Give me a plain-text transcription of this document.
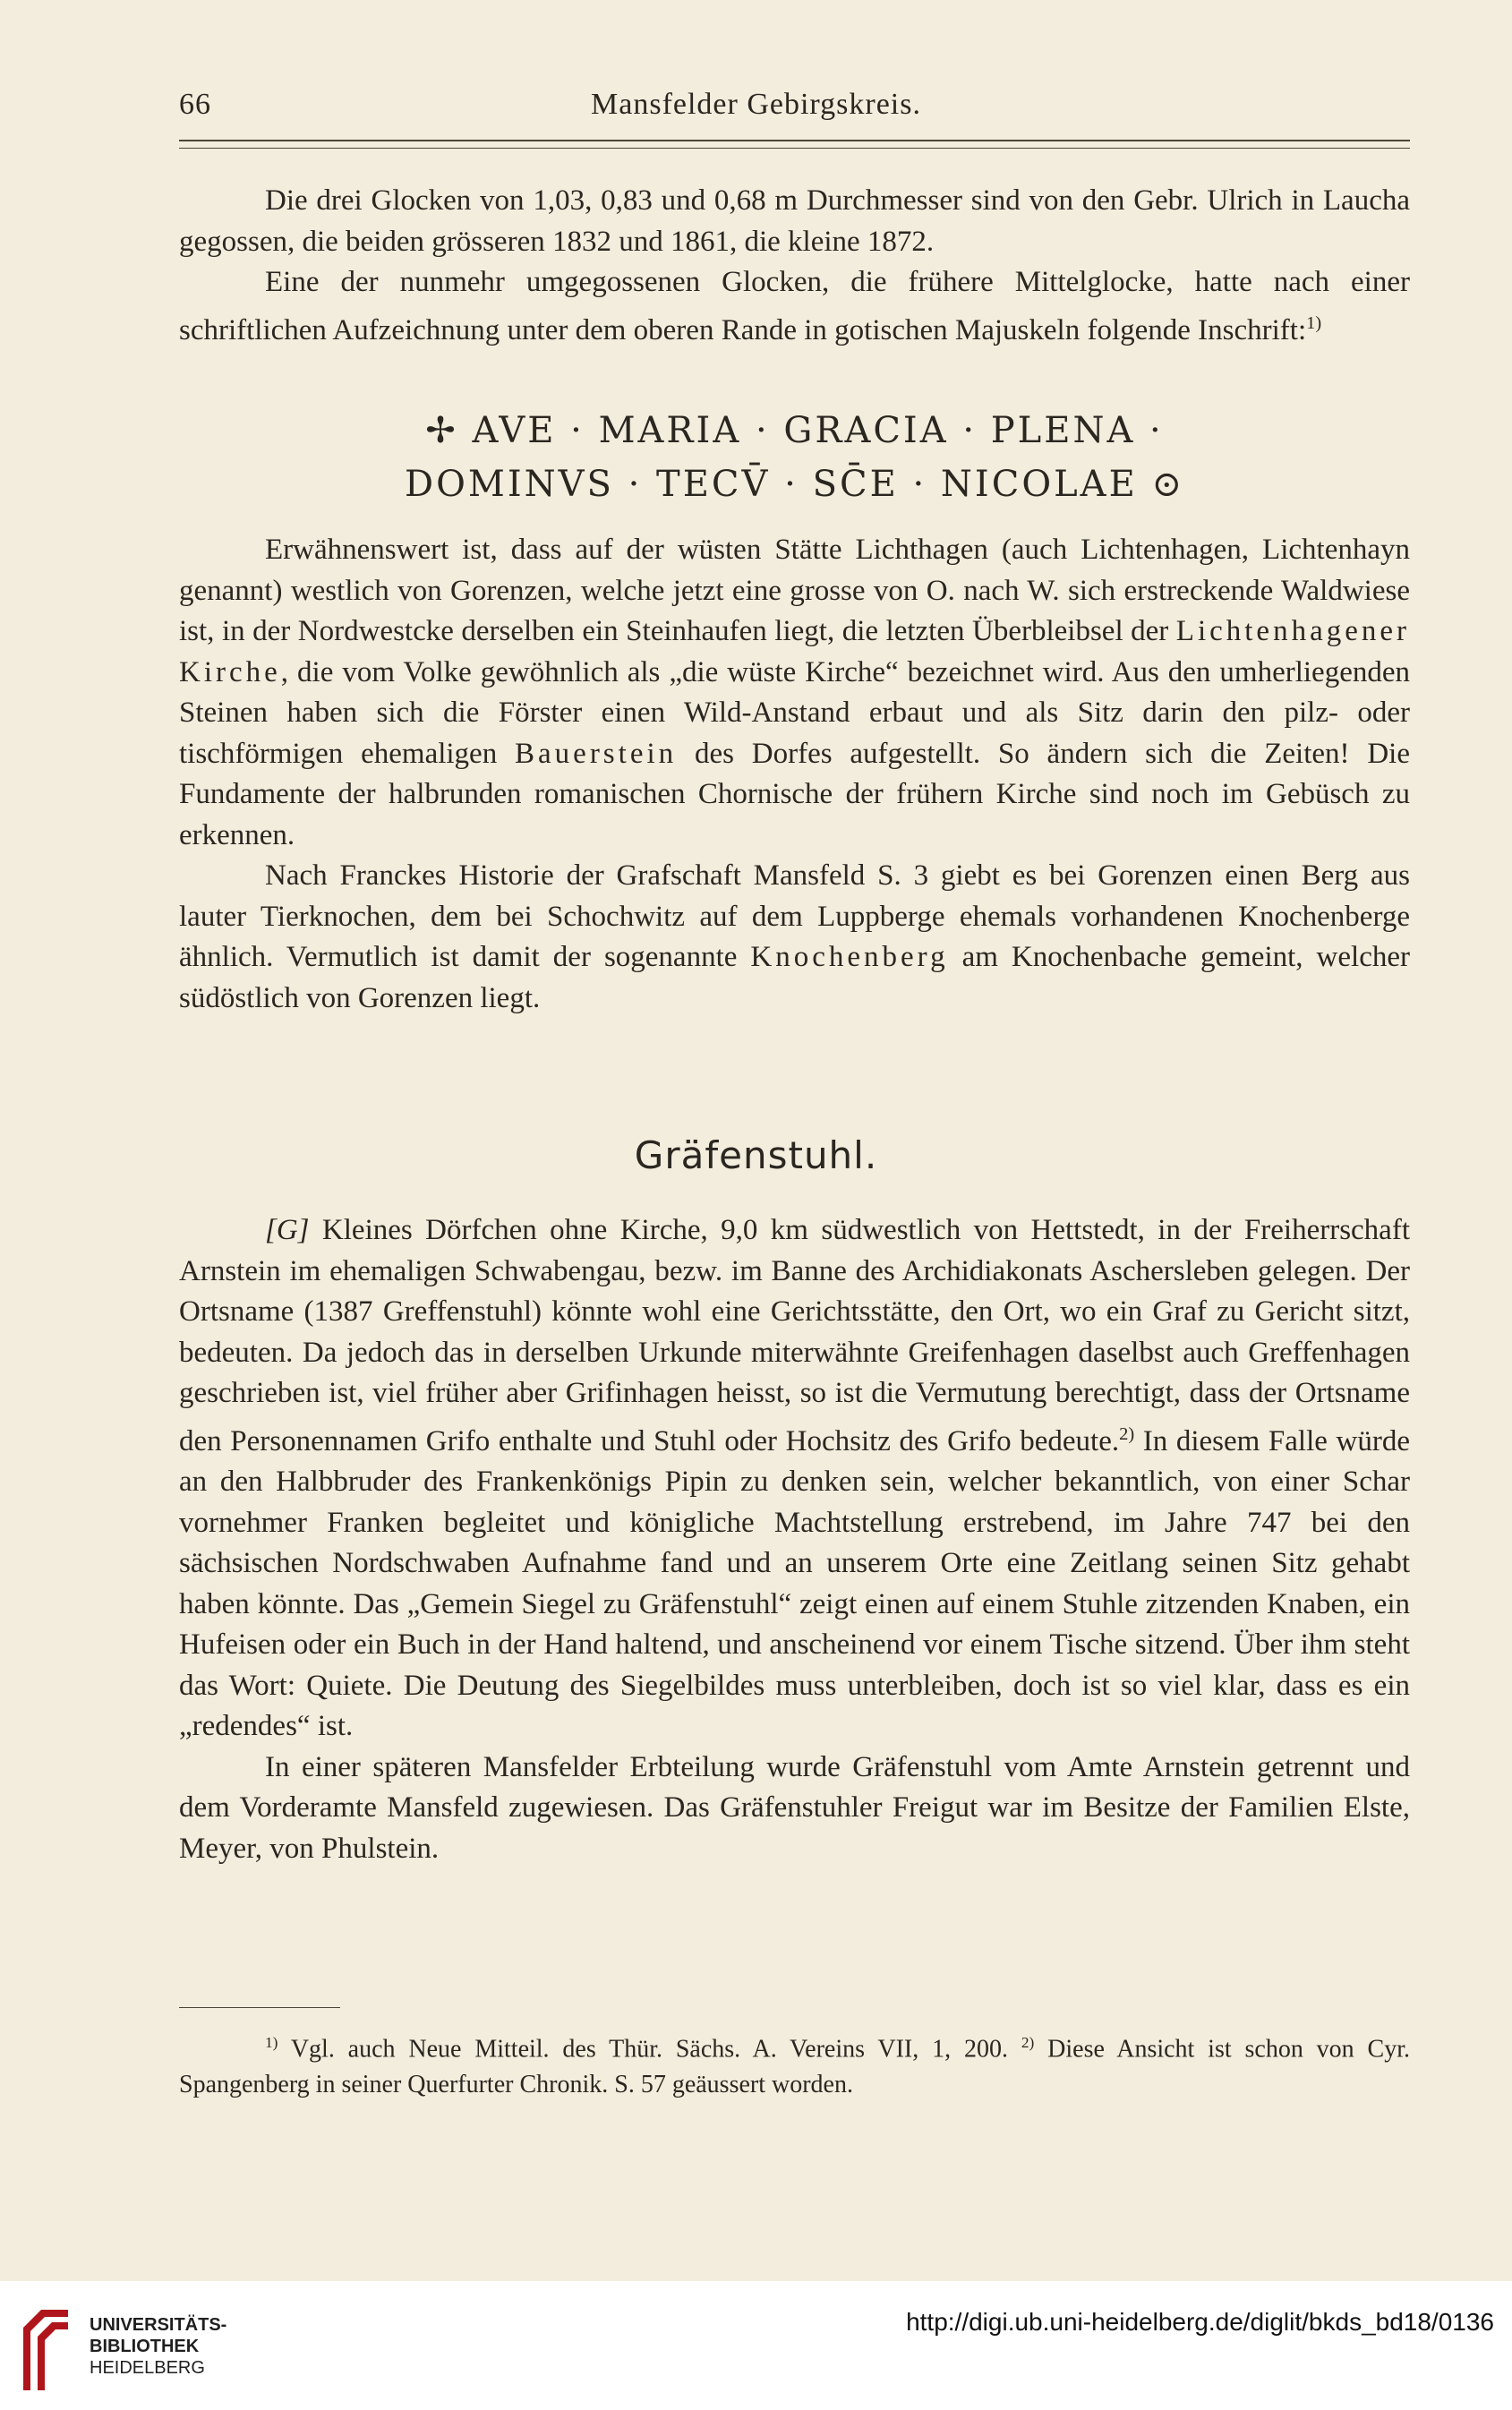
66	Mansfelder Gebirgskreis.

Die drei Glocken von 1,03, 0,83 und 0,68 m Durchmesser sind von den Gebr. Ulrich in Laucha gegossen, die beiden grösseren 1832 und 1861, die kleine 1872.

Eine der nunmehr umgegossenen Glocken, die frühere Mittelglocke, hatte nach einer schriftlichen Aufzeichnung unter dem oberen Rande in gotischen Majuskeln folgende Inschrift:$^{1)}$

✢ AVE · MARIA · GRACIA · PLENA ·
DOMINVS · TECV̄ · SC̄E · NICOLAE ⊙

Erwähnenswert ist, dass auf der wüsten Stätte Lichthagen (auch Lichtenhagen, Lichtenhayn genannt) westlich von Gorenzen, welche jetzt eine grosse von O. nach W. sich erstreckende Waldwiese ist, in der Nordwestcke derselben ein Steinhaufen liegt, die letzten Überbleibsel der Lichtenhagener Kirche, die vom Volke gewöhnlich als „die wüste Kirche“ bezeichnet wird. Aus den umherliegenden Steinen haben sich die Förster einen Wild-Anstand erbaut und als Sitz darin den pilz- oder tischförmigen ehemaligen Bauerstein des Dorfes aufgestellt. So ändern sich die Zeiten! Die Fundamente der halbrunden romanischen Chornische der frühern Kirche sind noch im Gebüsch zu erkennen.

Nach Franckes Historie der Grafschaft Mansfeld S. 3 giebt es bei Gorenzen einen Berg aus lauter Tierknochen, dem bei Schochwitz auf dem Luppberge ehemals vorhandenen Knochenberge ähnlich. Vermutlich ist damit der sogenannte Knochenberg am Knochenbache gemeint, welcher südöstlich von Gorenzen liegt.

Gräfenstuhl.

[G] Kleines Dörfchen ohne Kirche, 9,0 km südwestlich von Hettstedt, in der Freiherrschaft Arnstein im ehemaligen Schwabengau, bezw. im Banne des Archidiakonats Aschersleben gelegen. Der Ortsname (1387 Greffenstuhl) könnte wohl eine Gerichtsstätte, den Ort, wo ein Graf zu Gericht sitzt, bedeuten. Da jedoch das in derselben Urkunde miterwähnte Greifenhagen daselbst auch Greffenhagen geschrieben ist, viel früher aber Grifinhagen heisst, so ist die Vermutung berechtigt, dass der Ortsname den Personennamen Grifo enthalte und Stuhl oder Hochsitz des Grifo bedeute.$^{2)}$ In diesem Falle würde an den Halbbruder des Frankenkönigs Pipin zu denken sein, welcher bekanntlich, von einer Schar vornehmer Franken begleitet und königliche Machtstellung erstrebend, im Jahre 747 bei den sächsischen Nordschwaben Aufnahme fand und an unserem Orte eine Zeitlang seinen Sitz gehabt haben könnte. Das „Gemein Siegel zu Gräfenstuhl“ zeigt einen auf einem Stuhle zitzenden Knaben, ein Hufeisen oder ein Buch in der Hand haltend, und anscheinend vor einem Tische sitzend. Über ihm steht das Wort: Quiete. Die Deutung des Siegelbildes muss unterbleiben, doch ist so viel klar, dass es ein „redendes“ ist.

In einer späteren Mansfelder Erbteilung wurde Gräfenstuhl vom Amte Arnstein getrennt und dem Vorderamte Mansfeld zugewiesen. Das Gräfenstuhler Freigut war im Besitze der Familien Elste, Meyer, von Phulstein.

$^{1)}$ Vgl. auch Neue Mitteil. des Thür. Sächs. A. Vereins VII, 1, 200. $^{2)}$ Diese Ansicht ist schon von Cyr. Spangenberg in seiner Querfurter Chronik. S. 57 geäussert worden.

UNIVERSITÄTS-
BIBLIOTHEK
HEIDELBERG
http://digi.ub.uni-heidelberg.de/diglit/bkds_bd18/0136
